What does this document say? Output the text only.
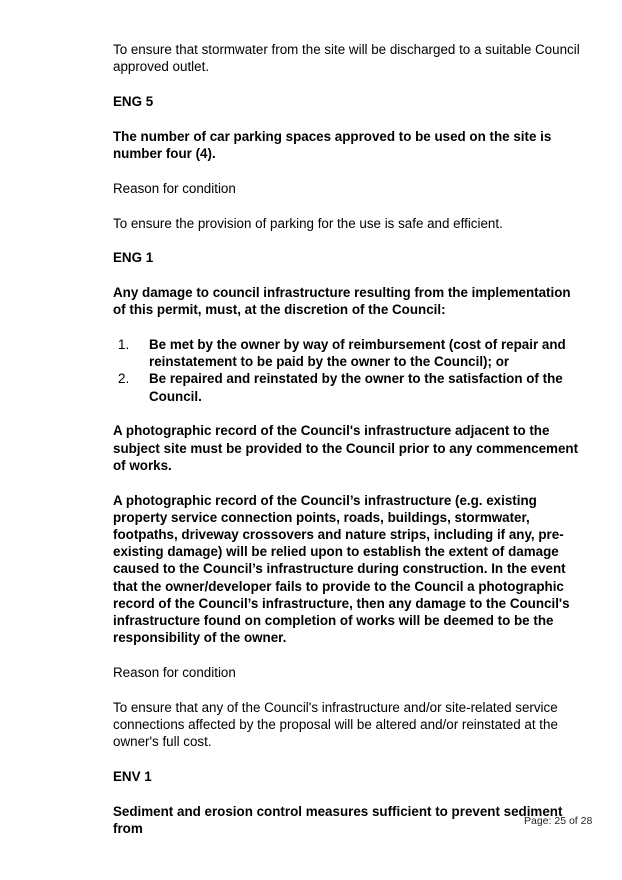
To ensure that stormwater from the site will be discharged to a suitable Council approved outlet.

ENG 5

The number of car parking spaces approved to be used on the site is number four (4).

Reason for condition

To ensure the provision of parking for the use is safe and efficient.

ENG 1

Any damage to council infrastructure resulting from the implementation of this permit, must, at the discretion of the Council:

1.	Be met by the owner by way of reimbursement (cost of repair and reinstatement to be paid by the owner to the Council); or
2.	Be repaired and reinstated by the owner to the satisfaction of the Council.

A photographic record of the Council's infrastructure adjacent to the subject site must be provided to the Council prior to any commencement of works.

A photographic record of the Council’s infrastructure (e.g. existing property service connection points, roads, buildings, stormwater, footpaths, driveway crossovers and nature strips, including if any, pre-existing damage) will be relied upon to establish the extent of damage caused to the Council’s infrastructure during construction. In the event that the owner/developer fails to provide to the Council a photographic record of the Council’s infrastructure, then any damage to the Council's infrastructure found on completion of works will be deemed to be the responsibility of the owner.

Reason for condition

To ensure that any of the Council's infrastructure and/or site-related service connections affected by the proposal will be altered and/or reinstated at the owner's full cost.

ENV 1

Sediment and erosion control measures sufficient to prevent sediment from

Page: 25 of 28
